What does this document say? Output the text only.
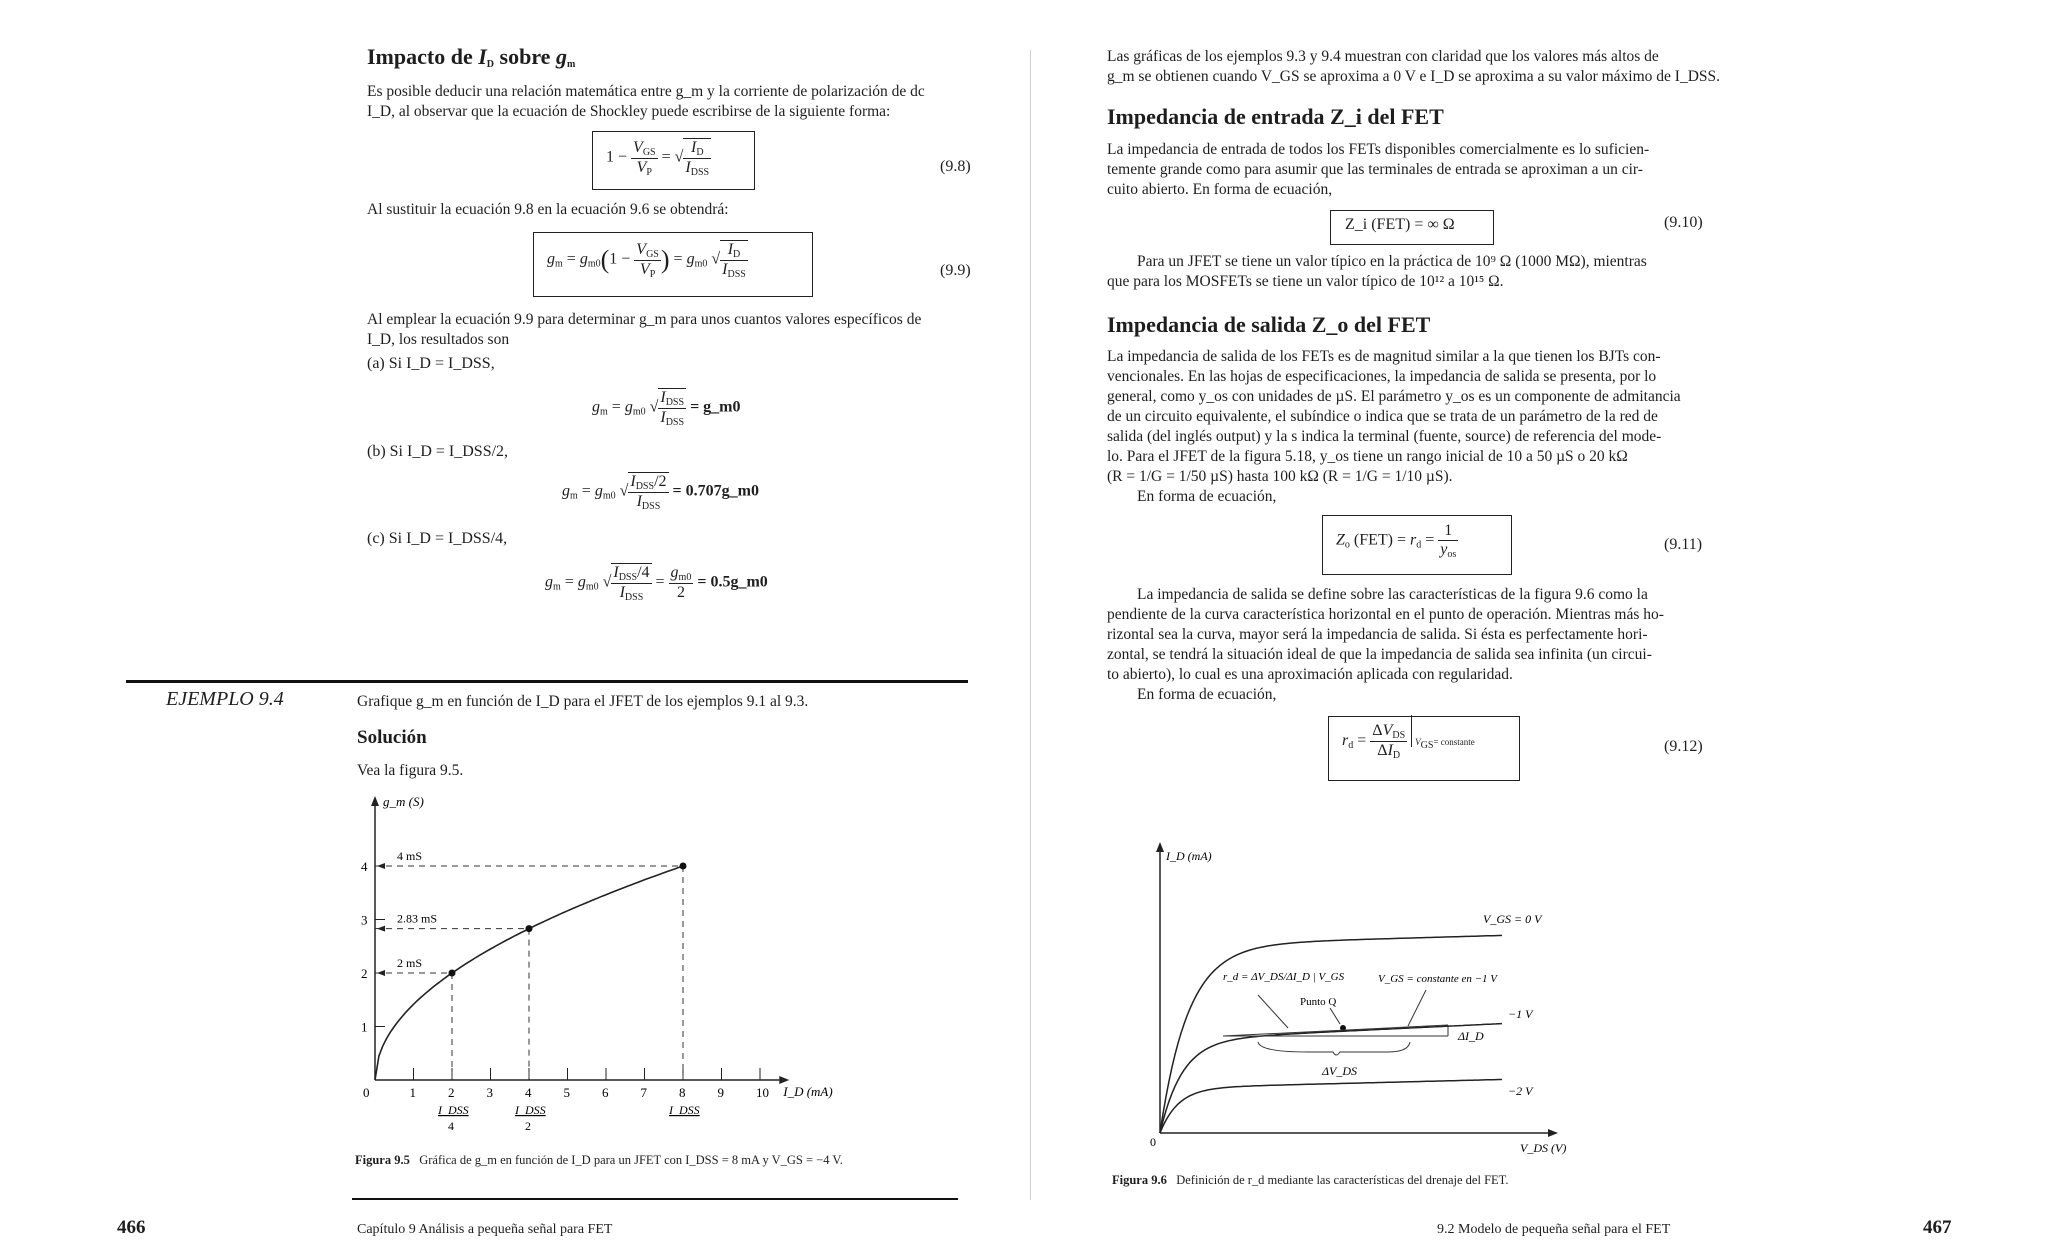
Impacto de $I_D$ sobre $g_m$
Es posible deducir una relación matemática entre g_m y la corriente de polarización de dc
I_D, al observar que la ecuación de Shockley puede escribirse de la siguiente forma:
$1 - \frac{V_{GS}}{V_P}$ = √ $\frac{I_D}{I_{DSS}}$	(9.8)
Al sustituir la ecuación 9.8 en la ecuación 9.6 se obtendrá:
$g_m = g_{m0}(1 - \frac{V_{GS}}{V_P}$ ) = $g_{m0}$ √ $\frac{I_D}{I_{DSS}}$	(9.9)
Al emplear la ecuación 9.9 para determinar g_m para unos cuantos valores específicos de
I_D, los resultados son
(a) Si I_D = I_DSS,
$g_m = g_{m0}$ √ $\frac{I_{DSS}}{I_{DSS}}$ = g_m0
(b) Si I_D = I_DSS/2,
$g_m = g_{m0}$ √ $\frac{I_{DSS}/2}{I_{DSS}}$ = 0.707g_m0
(c) Si I_D = I_DSS/4,
$g_m = g_{m0}$ √ $\frac{I_{DSS}/4}{I_{DSS}} = \frac{g_{m0}}{2}$ = 0.5g_m0
EJEMPLO 9.4	Grafique g_m en función de I_D para el JFET de los ejemplos 9.1 al 9.3.
Solución
Vea la figura 9.5.
g_m (S)
I_D (mA)
0	1 2 3 4 5 6 7 8 9 10
1
2
3
4
2 mS
2.83 mS
4 mS
I_DSS
4
I_DSS
2
I_DSS
Figura 9.5 Gráfica de g_m en función de I_D para un JFET con I_DSS = 8 mA y V_GS = −4 V.
466	Capítulo 9 Análisis a pequeña señal para FET
Las gráficas de los ejemplos 9.3 y 9.4 muestran con claridad que los valores más altos de
g_m se obtienen cuando V_GS se aproxima a 0 V e I_D se aproxima a su valor máximo de I_DSS.
Impedancia de entrada Z_i del FET
La impedancia de entrada de todos los FETs disponibles comercialmente es lo suficien-
temente grande como para asumir que las terminales de entrada se aproximan a un cir-
cuito abierto. En forma de ecuación,
Z_i (FET) = ∞ Ω	(9.10)
Para un JFET se tiene un valor típico en la práctica de 10⁹ Ω (1000 MΩ), mientras
que para los MOSFETs se tiene un valor típico de 10¹² a 10¹⁵ Ω.
Impedancia de salida Z_o del FET
La impedancia de salida de los FETs es de magnitud similar a la que tienen los BJTs con-
vencionales. En las hojas de especificaciones, la impedancia de salida se presenta, por lo
general, como y_os con unidades de µS. El parámetro y_os es un componente de admitancia
de un circuito equivalente, el subíndice o indica que se trata de un parámetro de la red de
salida (del inglés output) y la s indica la terminal (fuente, source) de referencia del mode-
lo. Para el JFET de la figura 5.18, y_os tiene un rango inicial de 10 a 50 µS o 20 kΩ
(R = 1/G = 1/50 µS) hasta 100 kΩ (R = 1/G = 1/10 µS).
En forma de ecuación,
$Z_o$ $(FET) = r_d = \frac{1}{y_{os}}$	(9.11)
La impedancia de salida se define sobre las características de la figura 9.6 como la
pendiente de la curva característica horizontal en el punto de operación. Mientras más ho-
rizontal sea la curva, mayor será la impedancia de salida. Si ésta es perfectamente hori-
zontal, se tendrá la situación ideal de que la impedancia de salida sea infinita (un circui-
to abierto), lo cual es una aproximación aplicada con regularidad.
En forma de ecuación,
$r_d = \frac{\Delta V_{DS}}{\Delta I_D} VGS=$ constante	(9.12)
I_D (mA)
V_DS (V)
0
V_GS = 0 V
−1 V
−2 V
ΔV_DS
ΔI_D
Punto Q
V_GS = constante en −1 V
r_d = ΔV_DS/ΔI_D | V_GS
Figura 9.6 Definición de r_d mediante las características del drenaje del FET.
9.2 Modelo de pequeña señal para el FET	467
